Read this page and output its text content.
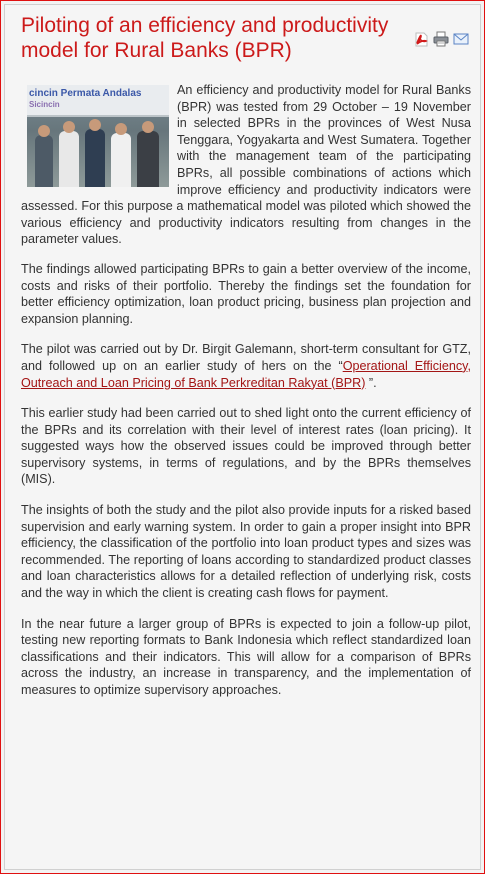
Piloting of an efficiency and productivity model for Rural Banks (BPR)

cincin Permata Andalas
Sicincin
An efficiency and productivity model for Rural Banks (BPR) was tested from 29 October – 19 November in selected BPRs in the provinces of West Nusa Tenggara, Yogyakarta and West Sumatera. Together with the management team of the participating BPRs, all possible combinations of actions which improve efficiency and productivity indicators were assessed. For this purpose a mathematical model was piloted which showed the various efficiency and productivity indicators resulting from changes in the parameter values.

The findings allowed participating BPRs to gain a better overview of the income, costs and risks of their portfolio. Thereby the findings set the foundation for better efficiency optimization, loan product pricing, business plan projection and expansion planning.

The pilot was carried out by Dr. Birgit Galemann, short-term consultant for GTZ, and followed up on an earlier study of hers on the “Operational Efficiency, Outreach and Loan Pricing of Bank Perkreditan Rakyat (BPR) ”.

This earlier study had been carried out to shed light onto the current efficiency of the BPRs and its correlation with their level of interest rates (loan pricing). It suggested ways how the observed issues could be improved through better supervisory systems, in terms of regulations, and by the BPRs themselves (MIS).

The insights of both the study and the pilot also provide inputs for a risked based supervision and early warning system. In order to gain a proper insight into BPR efficiency, the classification of the portfolio into loan product types and sizes was recommended. The reporting of loans according to standardized product classes and loan characteristics allows for a detailed reflection of underlying risk, costs and the way in which the client is creating cash flows for payment.

In the near future a larger group of BPRs is expected to join a follow-up pilot, testing new reporting formats to Bank Indonesia which reflect standardized loan classifications and their indicators. This will allow for a comparison of BPRs across the industry, an increase in transparency, and the implementation of measures to optimize supervisory approaches.
